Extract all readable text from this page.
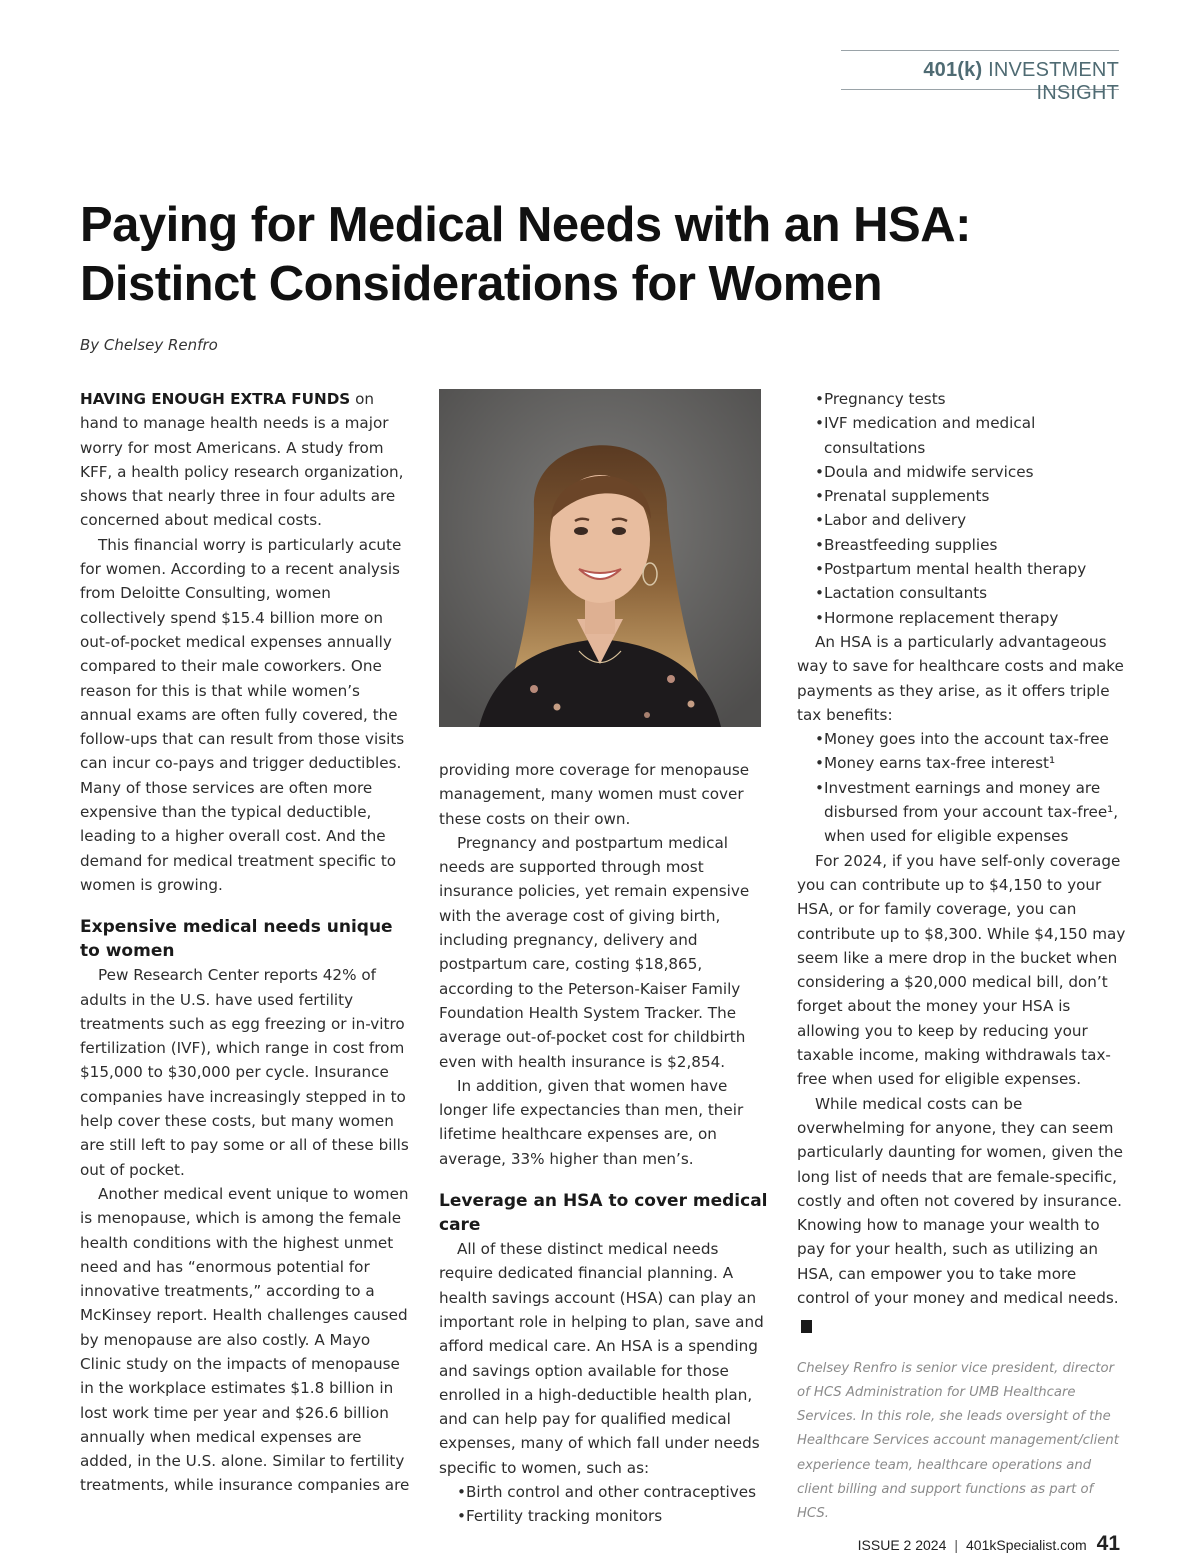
401(k) INVESTMENT INSIGHT
Paying for Medical Needs with an HSA:
Distinct Considerations for Women
By Chelsey Renfro

HAVING ENOUGH EXTRA FUNDS on hand to manage health needs is a major worry for most Americans. A study from KFF, a health policy research organization, shows that nearly three in four adults are concerned about medical costs.

This financial worry is particularly acute for women. According to a recent analysis from Deloitte Consulting, women collectively spend $15.4 billion more on out-of-pocket medical expenses annually compared to their male coworkers. One reason for this is that while women’s annual exams are often fully covered, the follow-ups that can result from those visits can incur co-pays and trigger deductibles. Many of those services are often more expensive than the typical deductible, leading to a higher overall cost. And the demand for medical treatment specific to women is growing.

Expensive medical needs unique to women

Pew Research Center reports 42% of adults in the U.S. have used fertility treatments such as egg freezing or in-vitro fertilization (IVF), which range in cost from $15,000 to $30,000 per cycle. Insurance companies have increasingly stepped in to help cover these costs, but many women are still left to pay some or all of these bills out of pocket.

Another medical event unique to women is menopause, which is among the female health conditions with the highest unmet need and has “enormous potential for innovative treatments,” according to a McKinsey report. Health challenges caused by menopause are also costly. A Mayo Clinic study on the impacts of menopause in the workplace estimates $1.8 billion in lost work time per year and $26.6 billion annually when medical expenses are added, in the U.S. alone. Similar to fertility treatments, while insurance companies are

providing more coverage for menopause management, many women must cover these costs on their own.

Pregnancy and postpartum medical needs are supported through most insurance policies, yet remain expensive with the average cost of giving birth, including pregnancy, delivery and postpartum care, costing $18,865, according to the Peterson-Kaiser Family Foundation Health System Tracker. The average out-of-pocket cost for childbirth even with health insurance is $2,854.

In addition, given that women have longer life expectancies than men, their lifetime healthcare expenses are, on average, 33% higher than men’s.

Leverage an HSA to cover medical care

All of these distinct medical needs require dedicated financial planning. A health savings account (HSA) can play an important role in helping to plan, save and afford medical care. An HSA is a spending and savings option available for those enrolled in a high-deductible health plan, and can help pay for qualified medical expenses, many of which fall under needs specific to women, such as:

• Birth control and other contraceptives
• Fertility tracking monitors
• Pregnancy tests
• IVF medication and medical consultations
• Doula and midwife services
• Prenatal supplements
• Labor and delivery
• Breastfeeding supplies
• Postpartum mental health therapy
• Lactation consultants
• Hormone replacement therapy

An HSA is a particularly advantageous way to save for healthcare costs and make payments as they arise, as it offers triple tax benefits:

• Money goes into the account tax-free
• Money earns tax-free interest¹
• Investment earnings and money are disbursed from your account tax-free¹, when used for eligible expenses

For 2024, if you have self-only coverage you can contribute up to $4,150 to your HSA, or for family coverage, you can contribute up to $8,300. While $4,150 may seem like a mere drop in the bucket when considering a $20,000 medical bill, don’t forget about the money your HSA is allowing you to keep by reducing your taxable income, making withdrawals tax-free when used for eligible expenses.

While medical costs can be overwhelming for anyone, they can seem particularly daunting for women, given the long list of needs that are female-specific, costly and often not covered by insurance. Knowing how to manage your wealth to pay for your health, such as utilizing an HSA, can empower you to take more control of your money and medical needs.K

Chelsey Renfro is senior vice president, director of HCS Administration for UMB Healthcare Services. In this role, she leads oversight of the Healthcare Services account management/client experience team, healthcare operations and client billing and support functions as part of HCS.

ISSUE 2 2024 | 401kSpecialist.com 41
